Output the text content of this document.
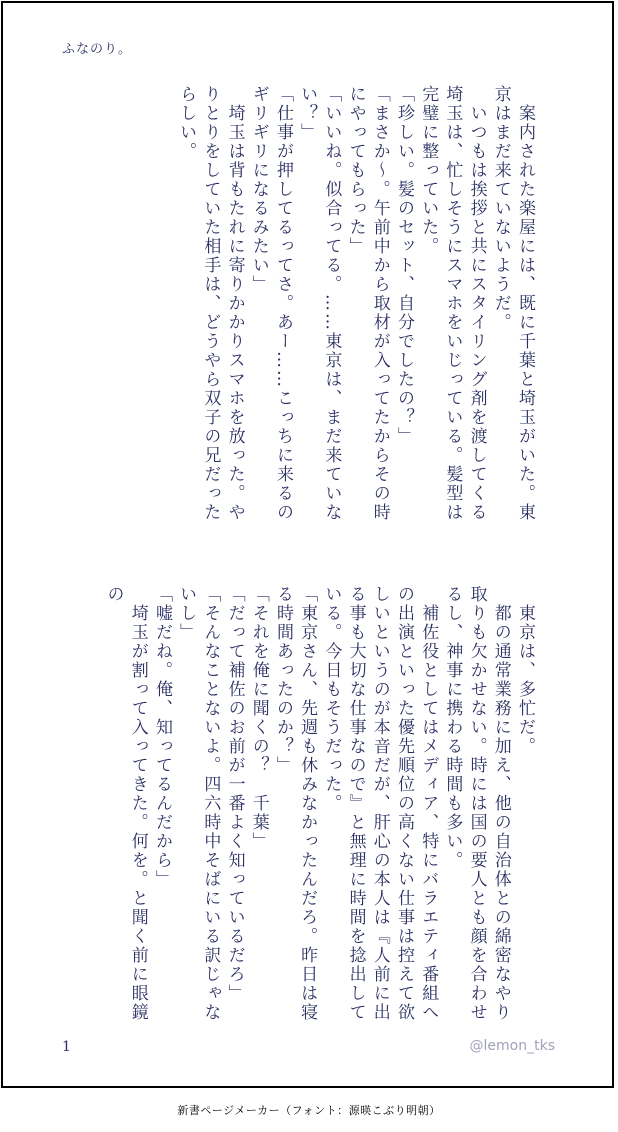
ふなのり。

　案内された楽屋には、既に千葉と埼玉がいた。東京はまだ来ていないようだ。

　いつもは挨拶と共にスタイリング剤を渡してくる埼玉は、忙しそうにスマホをいじっている。髪型は完璧に整っていた。

「珍しい。髪のセット、自分でしたの？」

「まさか〜。午前中から取材が入ってたからその時にやってもらった」

「いいね。似合ってる。……東京は、まだ来ていない？」

「仕事が押してるってさ。あー……こっちに来るのギリギリになるみたい」

　埼玉は背もたれに寄りかかりスマホを放った。やりとりをしていた相手は、どうやら双子の兄だったらしい。

　東京は、多忙だ。

　都の通常業務に加え、他の自治体との綿密なやり取りも欠かせない。時には国の要人とも顔を合わせるし、神事に携わる時間も多い。

　補佐役としてはメディア、特にバラエティ番組への出演といった優先順位の高くない仕事は控えて欲しいというのが本音だが、肝心の本人は『人前に出る事も大切な仕事なので』と無理に時間を捻出している。今日もそうだった。

「東京さん、先週も休みなかったんだろ。昨日は寝る時間あったのか？」

「それを俺に聞くの？　千葉」

「だって補佐のお前が一番よく知っているだろ」

「そんなことないよ。四六時中そばにいる訳じゃないし」

「嘘だね。俺、知ってるんだから」

　埼玉が割って入ってきた。何を。と聞く前に眼鏡の

1	@lemon_tks
新書ページメーカー（フォント：源暎こぶり明朝）
